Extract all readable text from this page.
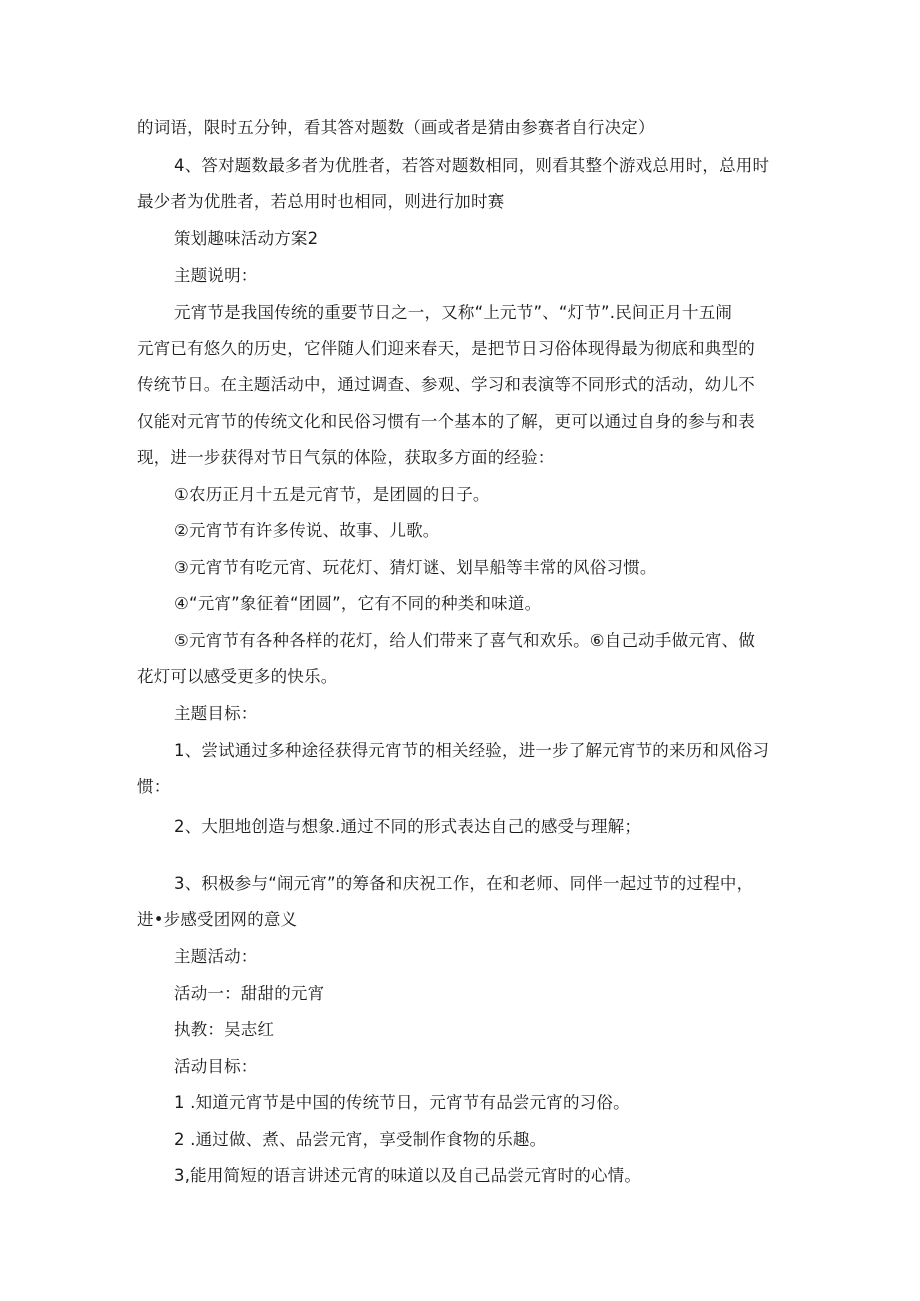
的词语，限时五分钟，看其答对题数（画或者是猜由参赛者自行决定）
4、答对题数最多者为优胜者，若答对题数相同，则看其整个游戏总用时，总用时
最少者为优胜者，若总用时也相同，则进行加时赛
策划趣味活动方案2
主题说明：
元宵节是我国传统的重要节日之一，又称“上元节”、“灯节”.民间正月十五闹
元宵已有悠久的历史，它伴随人们迎来春天，是把节日习俗体现得最为彻底和典型的
传统节日。在主题活动中，通过调查、参观、学习和表演等不同形式的活动，幼儿不
仅能对元宵节的传统文化和民俗习惯有一个基本的了解，更可以通过自身的参与和表
现，进一步获得对节日气氛的体险，获取多方面的经验：
①农历正月十五是元宵节，是团圆的日子。
②元宵节有许多传说、故事、儿歌。
③元宵节有吃元宵、玩花灯、猜灯谜、划旱船等丰常的风俗习惯。
④“元宵”象征着“团圆”，它有不同的种类和味道。
⑤元宵节有各种各样的花灯，给人们带来了喜气和欢乐。⑥自己动手做元宵、做
花灯可以感受更多的快乐。
主题目标：
1、尝试通过多种途径获得元宵节的相关经验，进一步了解元宵节的来历和风俗习
惯：
2、大胆地创造与想象.通过不同的形式表达自己的感受与理解；
3、积极参与“闹元宵”的筹备和庆祝工作，在和老师、同伴一起过节的过程中，
进•步感受团网的意义
主题活动：
活动一：甜甜的元宵
执教：吴志红
活动目标：
1 .知道元宵节是中国的传统节日，元宵节有品尝元宵的习俗。
2 .通过做、煮、品尝元宵，享受制作食物的乐趣。
3,能用简短的语言讲述元宵的味道以及自己品尝元宵时的心情。
